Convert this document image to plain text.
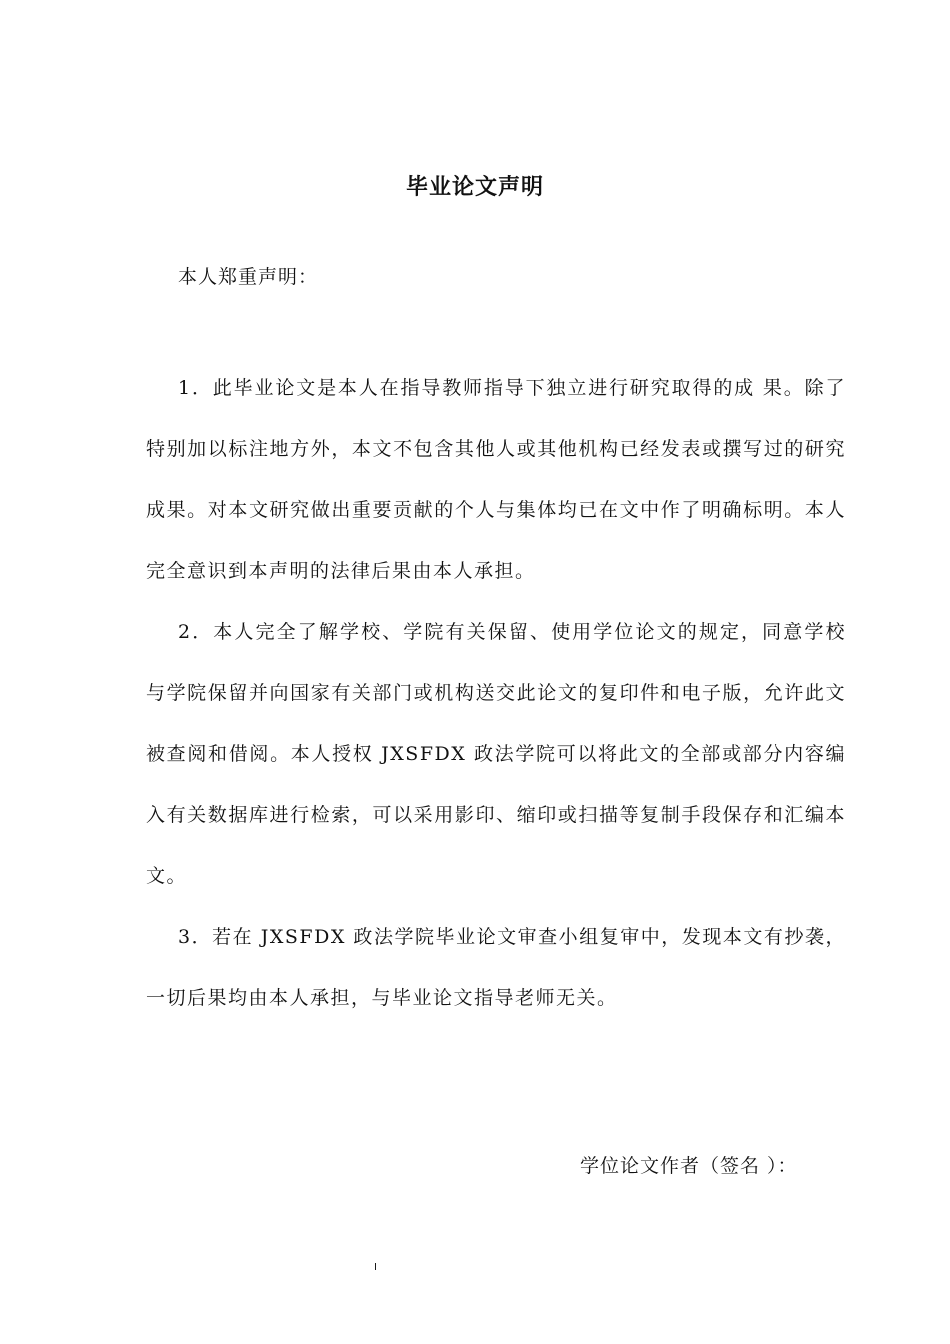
毕业论文声明
本人郑重声明：

1．此毕业论文是本人在指导教师指导下独立进行研究取得的成 果。除了特别加以标注地方外，本文不包含其他人或其他机构已经发表或撰写过的研究成果。对本文研究做出重要贡献的个人与集体均已在文中作了明确标明。本人完全意识到本声明的法律后果由本人承担。

2．本人完全了解学校、学院有关保留、使用学位论文的规定，同意学校与学院保留并向国家有关部门或机构送交此论文的复印件和电子版，允许此文被查阅和借阅。本人授权 JXSFDX 政法学院可以将此文的全部或部分内容编入有关数据库进行检索，可以采用影印、缩印或扫描等复制手段保存和汇编本文。

3．若在 JXSFDX 政法学院毕业论文审查小组复审中，发现本文有抄袭，一切后果均由本人承担，与毕业论文指导老师无关。

学位论文作者（签名 ）：
I
